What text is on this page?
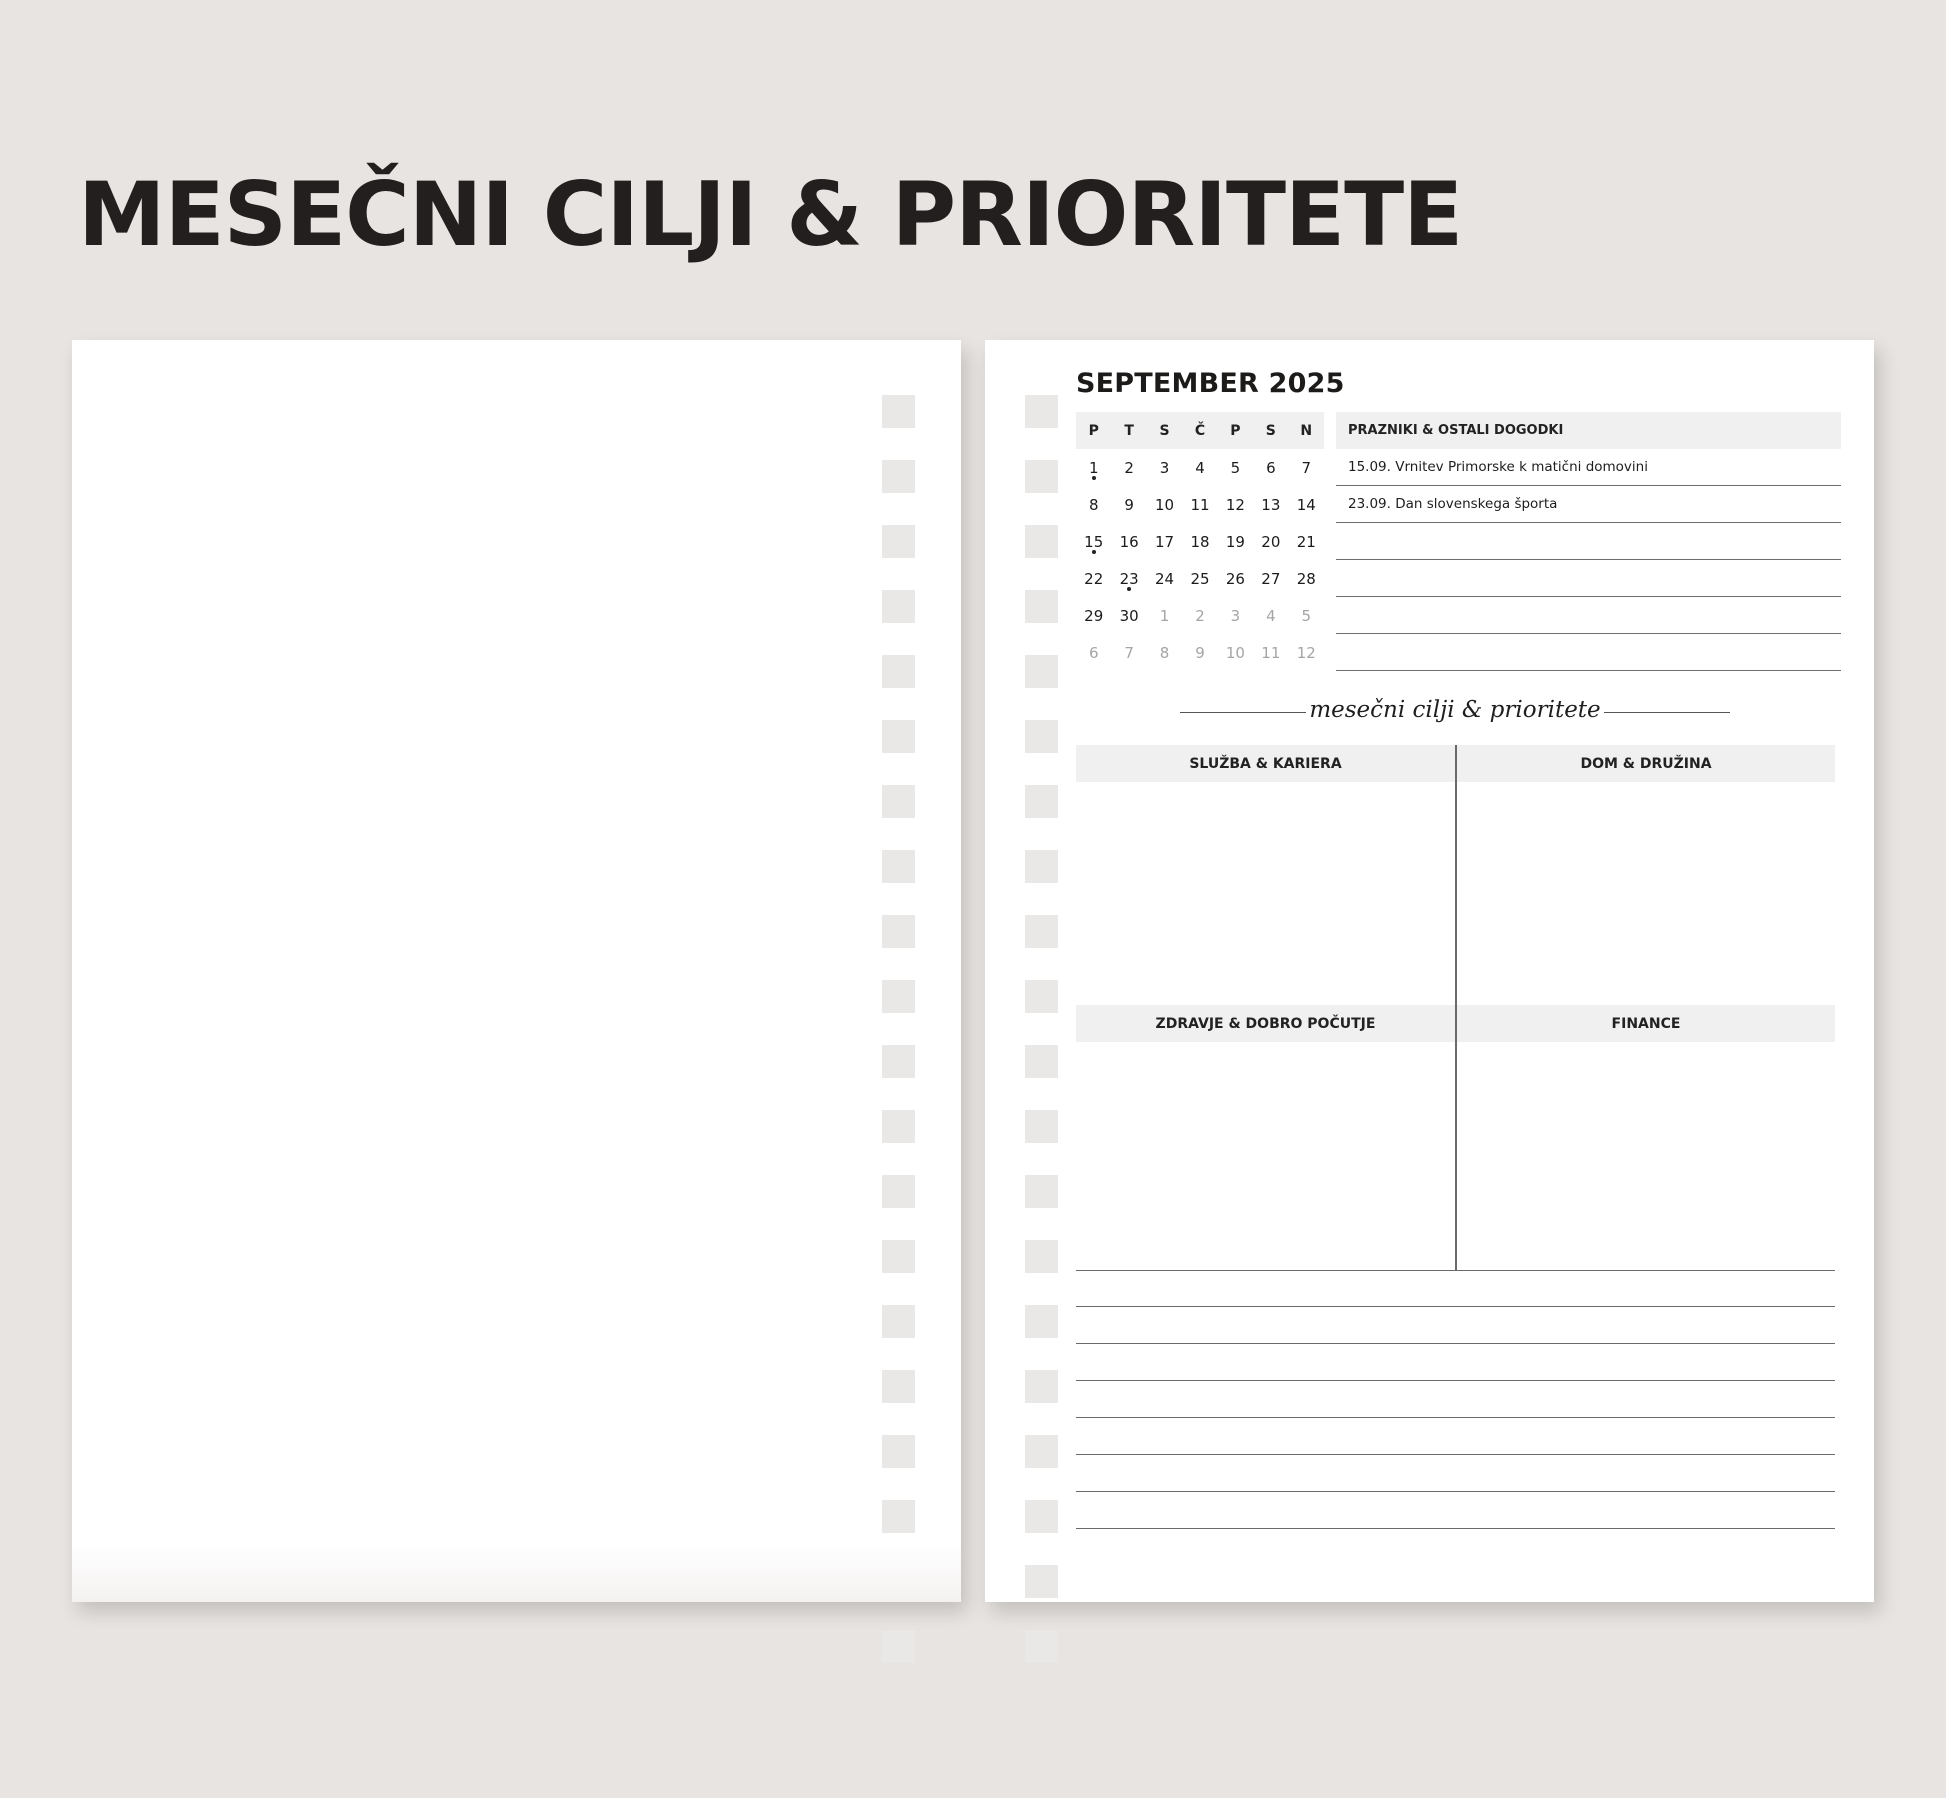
MESEČNI CILJI & PRIORITETE
SEPTEMBER 2025
P	T	S	Č	P	S	N
1	2	3	4	5	6	7
8	9	10	11	12	13	14
15	16	17	18	19	20	21
22	23	24	25	26	27	28
29	30	1	2	3	4	5
6	7	8	9	10	11	12
PRAZNIKI & OSTALI DOGODKI
15.09. Vrnitev Primorske k matični domovini
23.09. Dan slovenskega športa
mesečni cilji & prioritete
SLUŽBA & KARIERA	DOM & DRUŽINA
ZDRAVJE & DOBRO POČUTJE	FINANCE
